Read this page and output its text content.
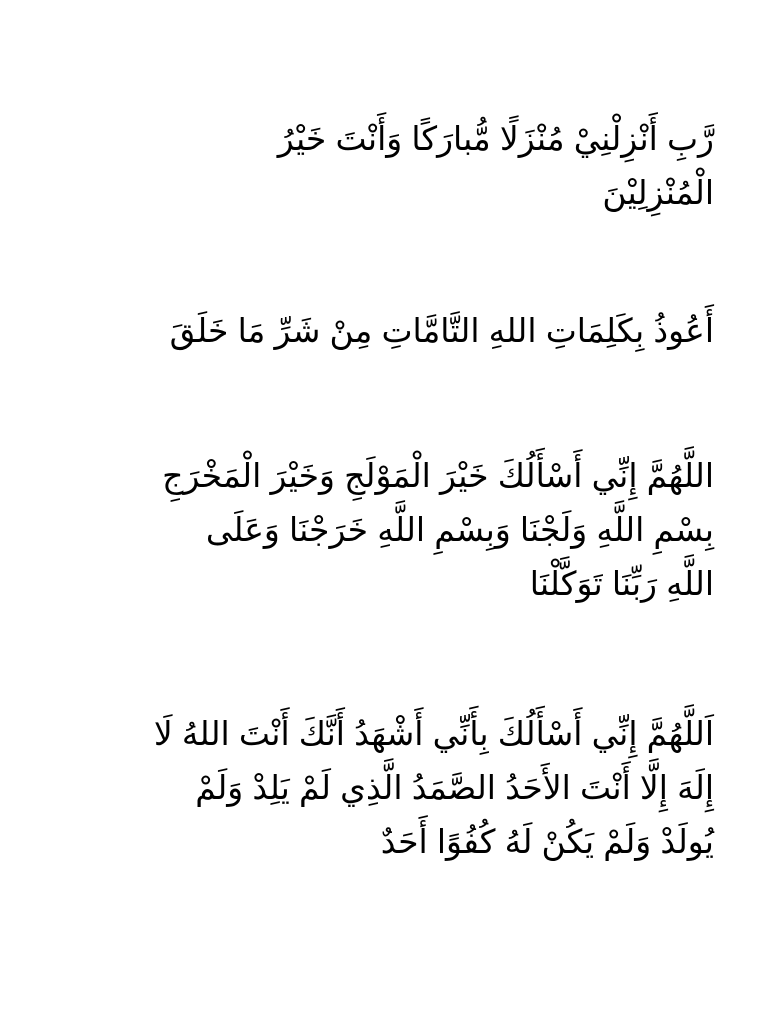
رَّبِ أَنْزِلْنِيْ مُنْزَلًا مُّبارَكًا وَأَنْتَ خَيْرُ
الْمُنْزِلِيْنَ
أَعُوذُ بِكَلِمَاتِ اللهِ التَّامَّاتِ مِنْ شَرِّ مَا خَلَقَ
اللَّهُمَّ إِنِّي أَسْأَلُكَ خَيْرَ الْمَوْلَجِ وَخَيْرَ الْمَخْرَجِ
بِسْمِ اللَّهِ وَلَجْنَا وَبِسْمِ اللَّهِ خَرَجْنَا وَعَلَى
اللَّهِ رَبِّنَا تَوَكَّلْنَا
اَللَّهُمَّ إِنِّي أَسْأَلُكَ بِأَنِّي أَشْهَدُ أَنَّكَ أَنْتَ اللهُ لَا
إِلَهَ إِلَّا أَنْتَ الأَحَدُ الصَّمَدُ الَّذِي لَمْ يَلِدْ وَلَمْ
يُولَدْ وَلَمْ يَكُنْ لَهُ كُفُوًا أَحَدٌ
